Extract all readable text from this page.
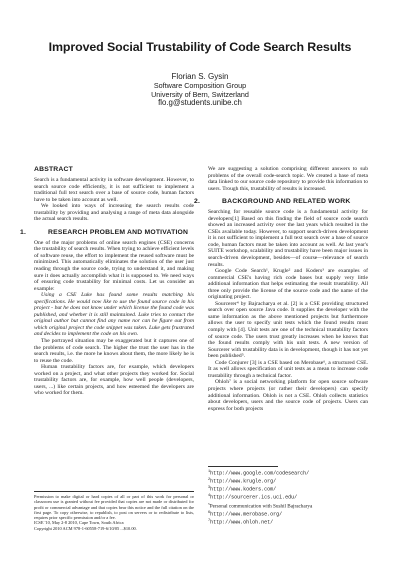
Improved Social Trustability of Code Search Results
Florian S. Gysin
Software Composition Group
University of Bern, Switzerland
flo.g@students.unibe.ch
ABSTRACT

Search is a fundamental activity in software development. However, to search source code efficiently, it is not sufficient to implement a traditional full text search over a base of source code, human factors have to be taken into account as well.

We looked into ways of increasing the search results code trustability by providing and analysing a range of meta data alongside the actual search results.

1.	RESEARCH PROBLEM AND MOTIVATION

One of the major problems of online search engines (CSE) concerns the trustability of search results. When trying to achieve efficient levels of software reuse, the effort to implement the reused software must be minimized. This automatically eliminates the solution of the user just reading through the source code, trying to understand it, and making sure it does actually accomplish what it is supposed to. We need ways of ensuring code trustability for minimal costs. Let us consider an example:

Using a CSE Luke has found some results matching his specifications. He would now like to use the found source code in his project - but he does not know under which license the found code was published, and whether it is still maintained. Luke tries to contact the original author but cannot find any name nor can he figure out from which original project the code snippet was taken. Luke gets frustrated and decides to implement the code on his own.

The portrayed situation may be exaggerated but it captures one of the problems of code search. The higher the trust the user has in the search results, i.e. the more he knows about them, the more likely he is to reuse the code.

Human trustability factors are, for example, which developers worked on a project, and what other projects they worked for. Social trustability factors are, for example, how well people (developers, users, ...) like certain projects, and how esteemed the developers are who worked for them.

Permission to make digital or hard copies of all or part of this work for personal or classroom use is granted without fee provided that copies are not made or distributed for profit or commercial advantage and that copies bear this notice and the full citation on the first page. To copy otherwise, to republish, to post on servers or to redistribute to lists, requires prior specific permission and/or a fee.

ICSE '10, May 2-8 2010, Cape Town, South Africa

Copyright 2010 ACM 978-1-60558-719-6/10/05 ...$10.00.

We are suggesting a solution comprising different answers to sub problems of the overall code-search topic. We created a base of meta data linked to our source code repository to provide this information to users. Trough this, trustability of results is increased.

2.	BACKGROUND AND RELATED WORK

Searching for reusable source code is a fundamental activity for developers[1] Based on this finding the field of source code search showed an increased activity over the last years which resulted in the CSEs available today. However, to support search-driven development it is not sufficient to implement a full text search over a base of source code, human factors must be taken into account as well. At last year's SUITE workshop, scalability and trustability have been major issues in search-driven development, besides—of course—relevance of search results.

Google Code Search¹, Krugle² and Koders³ are examples of commercial CSE's having rich code bases but supply very little additional information that helps estimating the result trustability. All three only provide the license of the source code and the name of the originating project.

Sourcerer⁴ by Bajracharya et al. [2] is a CSE providing structured search over open source Java code. It supplies the developer with the same information as the above mentioned projects but furthermore allows the user to specify unit tests which the found results must comply with [4]. Unit tests are one of the technical trustability factors of source code. The users trust greatly increases when he knows that the found results comply with his unit tests. A new version of Sourcerer with trustability data is in development, though it has not yet been published⁵.

Code Conjurer [3] is a CSE based on Merobase⁶, a structured CSE. It as well allows specification of unit tests as a mean to increase code trustability through a technical factor.

Ohloh⁷ is a social networking platform for open source software projects where projects (or rather their developers) can specify additional information. Ohloh is not a CSE. Ohloh collects statistics about developers, users and the source code of projects. Users can express for both projects

$^1$http://www.google.com/codesearch/
$^2$http://www.krugle.org/
$^3$http://www.koders.com/
$^4$http://sourcerer.ics.uci.edu/
$^5$Personal communication with Sushil Bajracharya
$^6$http://www.merobase.org/
$^7$http://www.ohloh.net/
